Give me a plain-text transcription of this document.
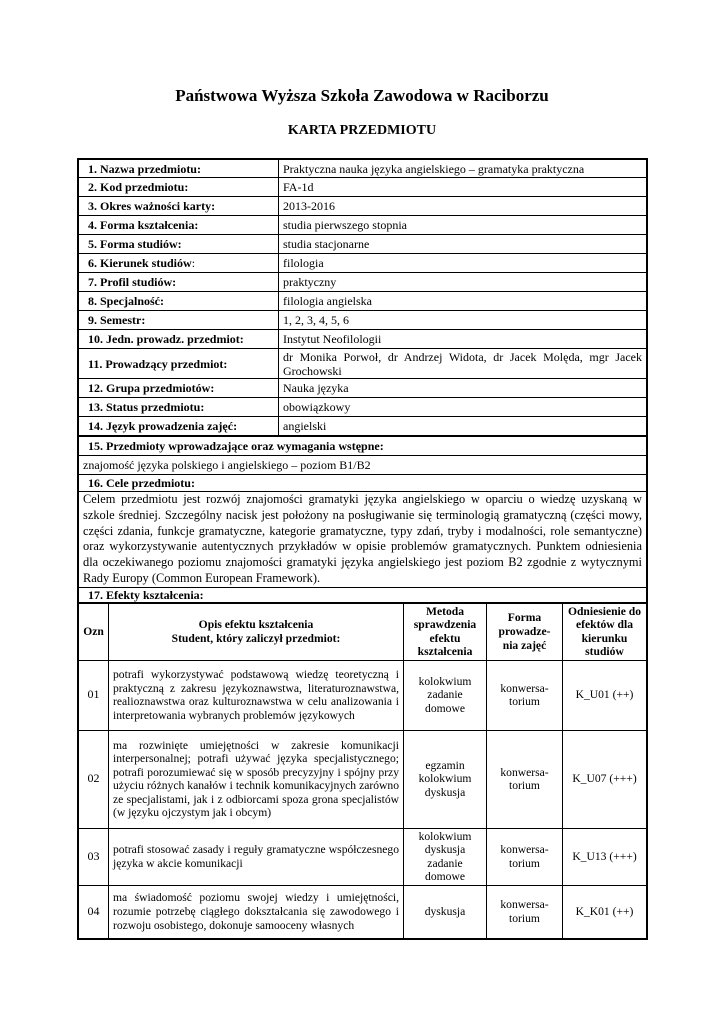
Państwowa Wyższa Szkoła Zawodowa w Raciborzu
KARTA PRZEDMIOTU
1. Nazwa przedmiotu:	Praktyczna nauka języka angielskiego – gramatyka praktyczna
2. Kod przedmiotu:	FA-1d
3. Okres ważności karty:	2013-2016
4. Forma kształcenia:	studia pierwszego stopnia
5. Forma studiów:	studia stacjonarne
6. Kierunek studiów:	filologia
7. Profil studiów:	praktyczny
8. Specjalność:	filologia angielska
9. Semestr:	1, 2, 3, 4, 5, 6
10. Jedn. prowadz. przedmiot:	Instytut Neofilologii
11. Prowadzący przedmiot:	dr Monika Porwoł, dr Andrzej Widota, dr Jacek Molęda, mgr Jacek Grochowski
12. Grupa przedmiotów:	Nauka języka
13. Status przedmiotu:	obowiązkowy
14. Język prowadzenia zajęć:	angielski
15. Przedmioty wprowadzające oraz wymagania wstępne:
znajomość języka polskiego i angielskiego – poziom B1/B2
16. Cele przedmiotu:
Celem przedmiotu jest rozwój znajomości gramatyki języka angielskiego w oparciu o wiedzę uzyskaną w szkole średniej. Szczególny nacisk jest położony na posługiwanie się terminologią gramatyczną (części mowy, części zdania, funkcje gramatyczne, kategorie gramatyczne, typy zdań, tryby i modalności, role semantyczne) oraz wykorzystywanie autentycznych przykładów w opisie problemów gramatycznych. Punktem odniesienia dla oczekiwanego poziomu znajomości gramatyki języka angielskiego jest poziom B2 zgodnie z wytycznymi Rady Europy (Common European Framework).
17. Efekty kształcenia:
Ozn	Opis efektu kształcenia
Student, który zaliczył przedmiot:	Metoda sprawdzenia efektu kształcenia	Forma prowadze-nia zajęć	Odniesienie do efektów dla kierunku studiów
01	potrafi wykorzystywać podstawową wiedzę teoretyczną i praktyczną z zakresu językoznawstwa, literaturoznawstwa, realioznawstwa oraz kulturoznawstwa w celu analizowania i interpretowania wybranych problemów językowych	kolokwium zadanie domowe	konwersa-torium	K_U01 (++)
02	ma rozwinięte umiejętności w zakresie komunikacji interpersonalnej; potrafi używać języka specjalistycznego; potrafi porozumiewać się w sposób precyzyjny i spójny przy użyciu różnych kanałów i technik komunikacyjnych zarówno ze specjalistami, jak i z odbiorcami spoza grona specjalistów (w języku ojczystym jak i obcym)	egzamin kolokwium dyskusja	konwersa-torium	K_U07 (+++)
03	potrafi stosować zasady i reguły gramatyczne współczesnego języka w akcie komunikacji	kolokwium dyskusja zadanie domowe	konwersa-torium	K_U13 (+++)
04	ma świadomość poziomu swojej wiedzy i umiejętności, rozumie potrzebę ciągłego dokształcania się zawodowego i rozwoju osobistego, dokonuje samooceny własnych	dyskusja	konwersa-torium	K_K01 (++)
